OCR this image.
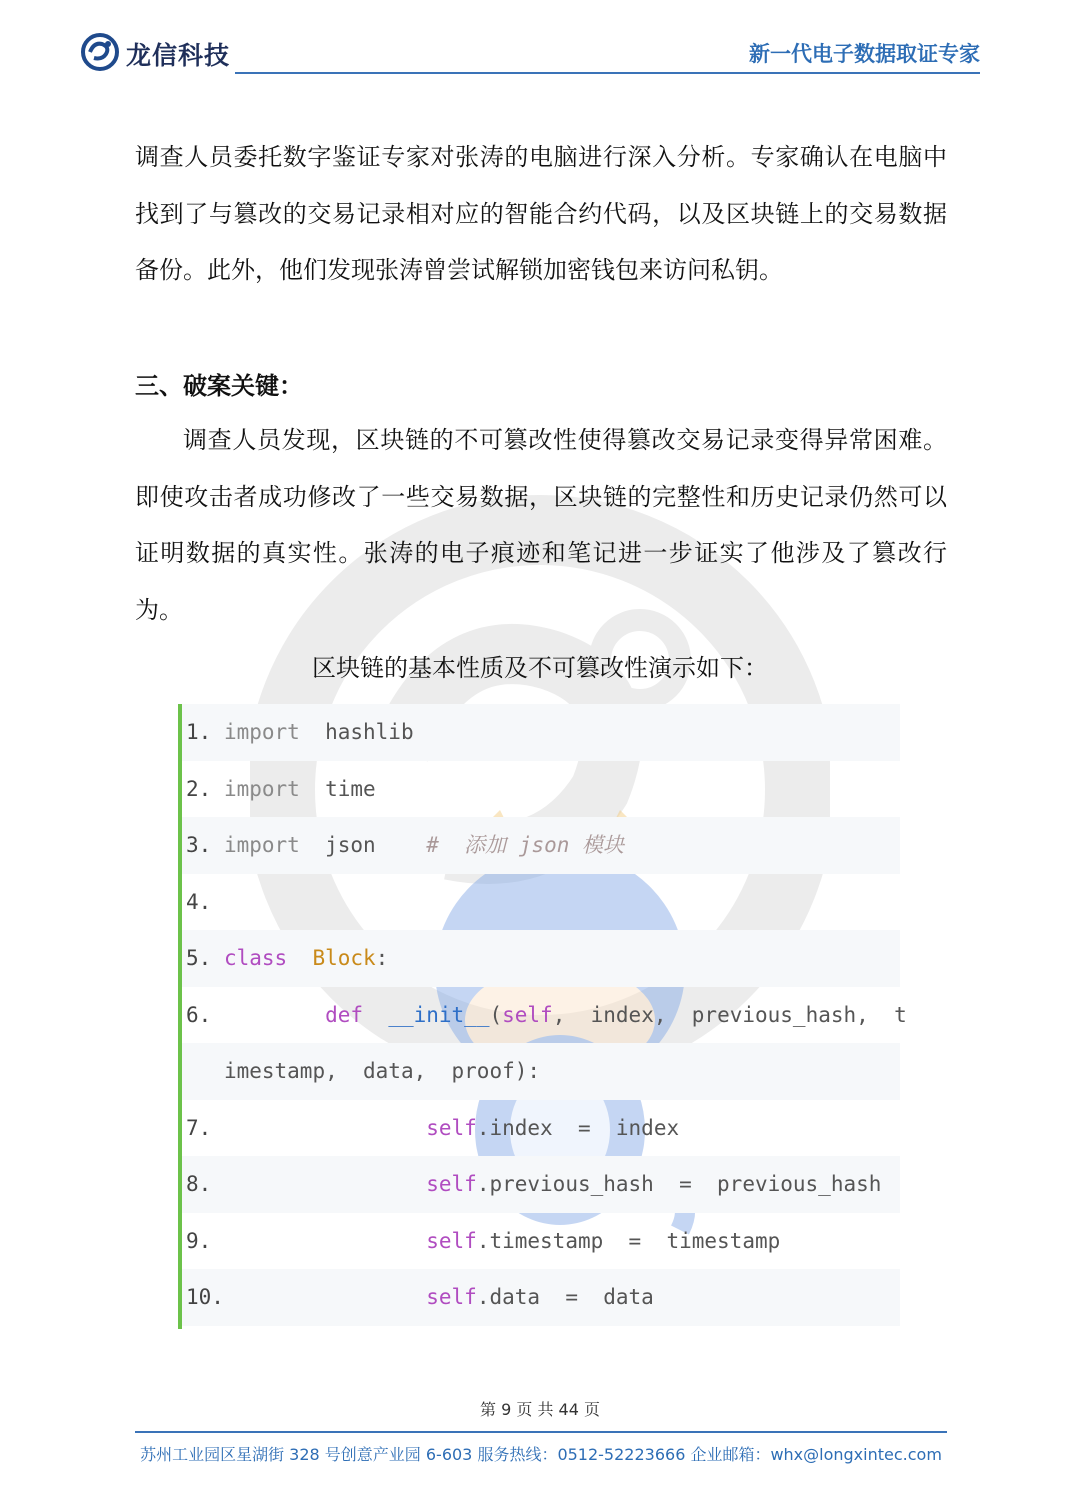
龙信科技	新一代电子数据取证专家
调查人员委托数字鉴证专家对张涛的电脑进行深入分析。专家确认在电脑中找到了与篡改的交易记录相对应的智能合约代码，以及区块链上的交易数据备份。此外，他们发现张涛曾尝试解锁加密钱包来访问私钥。
三、破案关键：
调查人员发现，区块链的不可篡改性使得篡改交易记录变得异常困难。即使攻击者成功修改了一些交易数据，区块链的完整性和历史记录仍然可以证明数据的真实性。张涛的电子痕迹和笔记进一步证实了他涉及了篡改行为。
区块链的基本性质及不可篡改性演示如下：
1. import  hashlib
2. import  time
3. import  json    #  添加 json 模块
4.
5. class  Block:
6.	def  __init__(self,  index,  previous_hash,  t
imestamp,  data,  proof):
7.	self.index  =  index
8.	self.previous_hash  =  previous_hash
9.	self.timestamp  =  timestamp
10.	self.data  =  data
第 9 页 共 44 页
苏州工业园区星湖街 328 号创意产业园 6-603 服务热线：0512-52223666 企业邮箱：whx@longxintec.com
